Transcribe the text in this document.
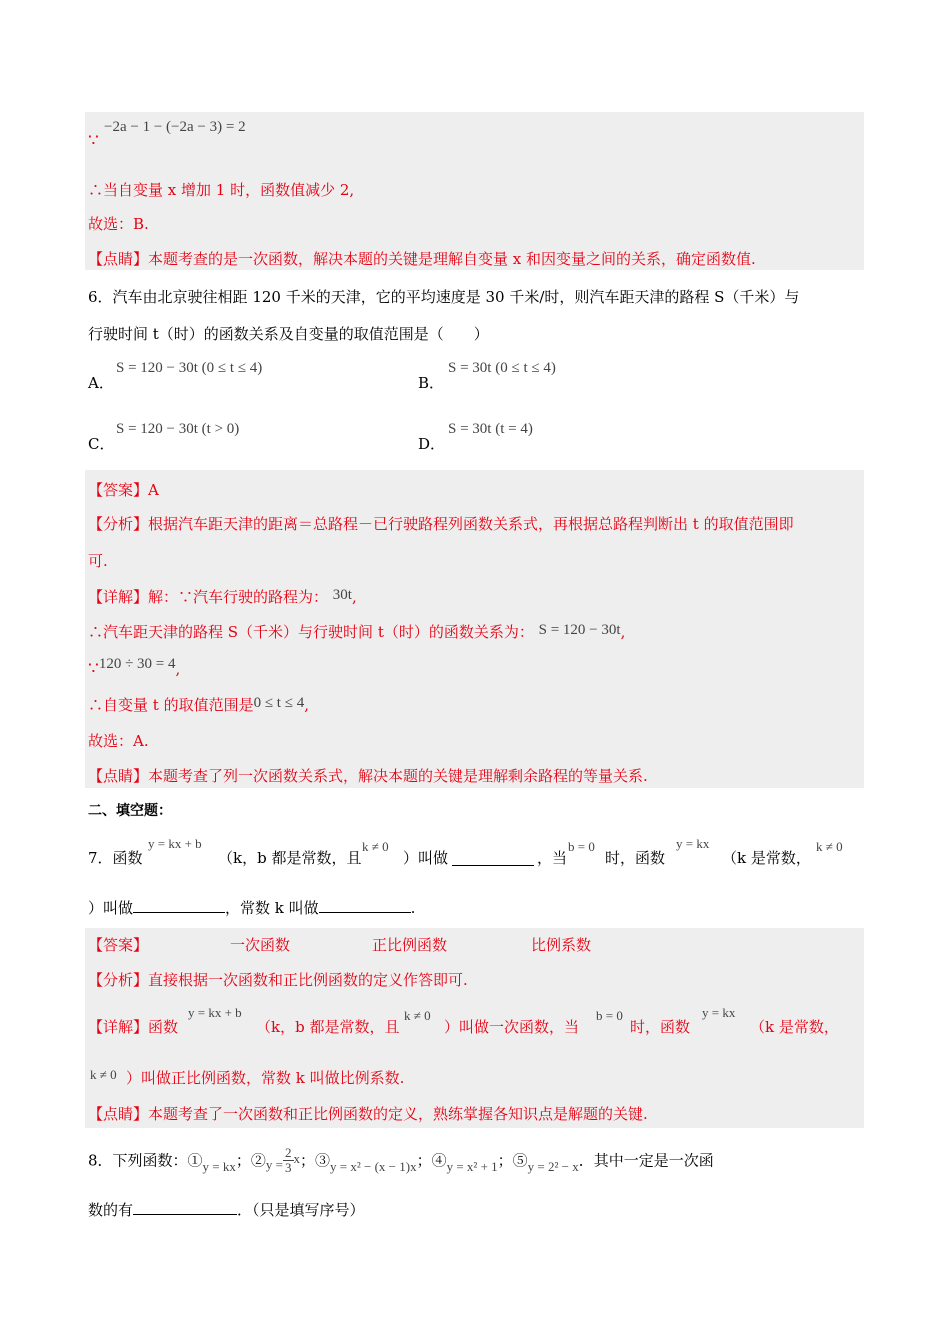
∵
−2a − 1 − (−2a − 3) = 2
∴当自变量 x 增加 1 时，函数值减少 2,
故选：B.
【点睛】本题考查的是一次函数，解决本题的关键是理解自变量 x 和因变量之间的关系，确定函数值.
6．汽车由北京驶往相距 120 千米的天津，它的平均速度是 30 千米/时，则汽车距天津的路程 S（千米）与
行驶时间 t（时）的函数关系及自变量的取值范围是（　　）
A．
S = 120 − 30t (0 ≤ t ≤ 4)
B．
S = 30t (0 ≤ t ≤ 4)
C．
S = 120 − 30t (t > 0)
D．
S = 30t (t = 4)
【答案】A
【分析】根据汽车距天津的距离＝总路程－已行驶路程列函数关系式，再根据总路程判断出 t 的取值范围即
可.
【详解】解：∵汽车行驶的路程为： 30t,
∴汽车距天津的路程 S（千米）与行驶时间 t（时）的函数关系为： S = 120 − 30t,
∵120 ÷ 30 = 4,
∴自变量 t 的取值范围是0 ≤ t ≤ 4,
故选：A.
【点睛】本题考查了列一次函数关系式，解决本题的关键是理解剩余路程的等量关系.
二、填空题：
7．函数
y = kx + b
（k，b 都是常数，且
k ≠ 0
）叫做	，当
b = 0
时，函数
y = kx
（k 是常数，
k ≠ 0
）叫做	，常数 k 叫做	.
【答案】	一次函数	正比例函数	比例系数
【分析】直接根据一次函数和正比例函数的定义作答即可.
【详解】函数
y = kx + b
（k，b 都是常数，且
k ≠ 0
）叫做一次函数，当
b = 0
时，函数
y = kx
（k 是常数，
k ≠ 0 ）叫做正比例函数，常数 k 叫做比例系数.
【点睛】本题考查了一次函数和正比例函数的定义，熟练掌握各知识点是解题的关键.
8．下列函数：①y = kx；②y = $\frac{2}{3}$ x；③y = x² − (x − 1)x；④y = x² + 1；⑤y = 2² − x．其中一定是一次函
数的有	．（只是填写序号）
